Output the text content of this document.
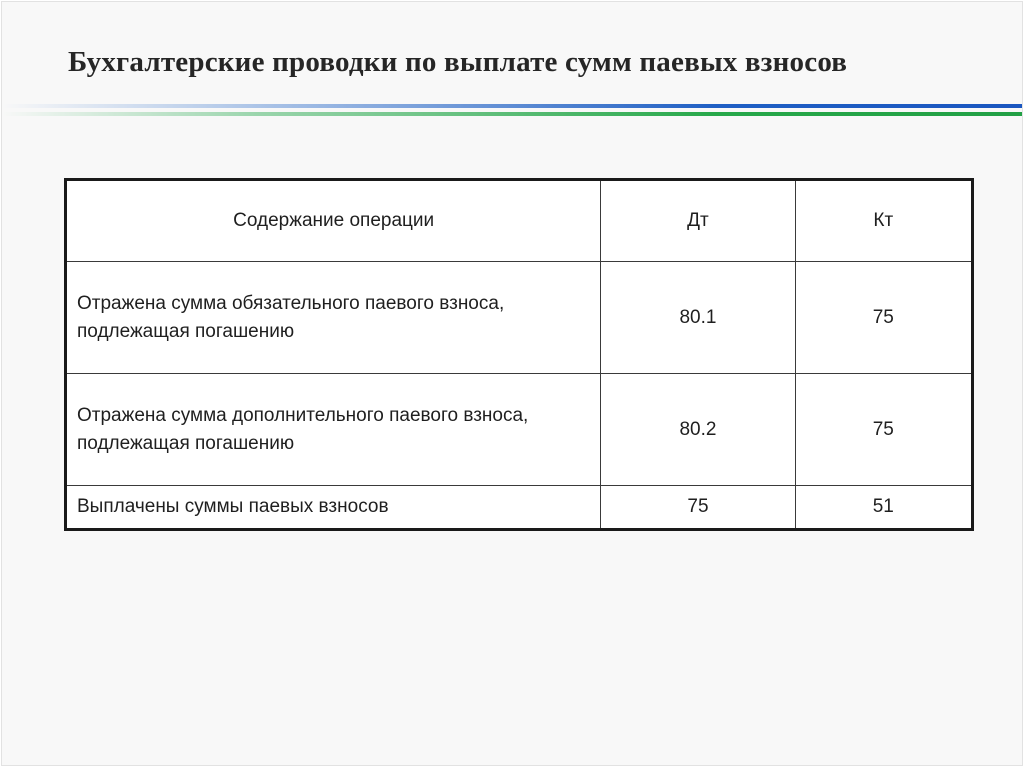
Бухгалтерские проводки по выплате сумм паевых взносов
Содержание операции	Дт	Кт
Отражена сумма обязательного паевого взноса, подлежащая погашению	80.1	75
Отражена сумма дополнительного паевого взноса, подлежащая погашению	80.2	75
Выплачены суммы паевых взносов	75	51
